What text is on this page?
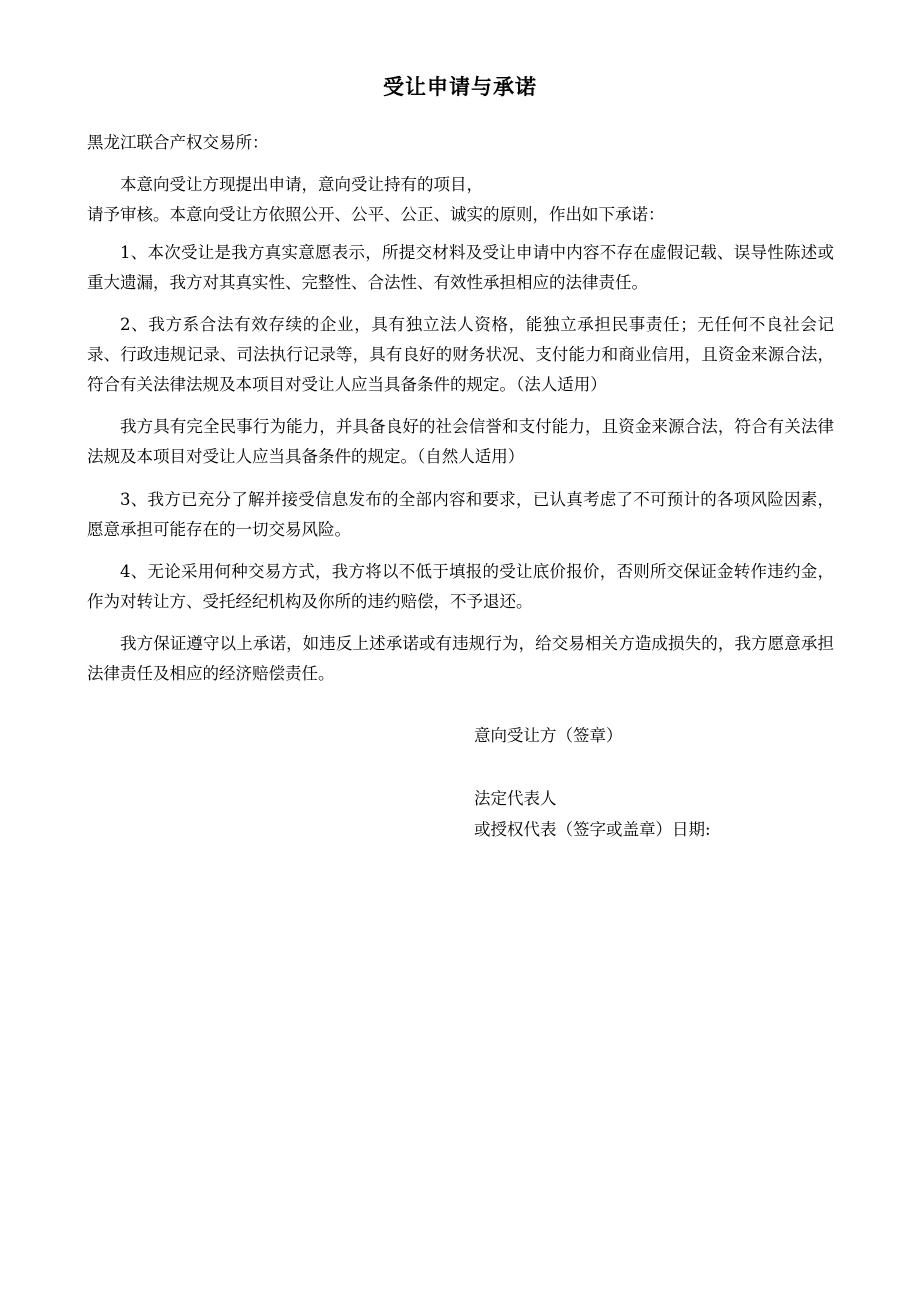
受让申请与承诺
黑龙江联合产权交易所：
本意向受让方现提出申请，意向受让持有的项目，
请予审核。本意向受让方依照公开、公平、公正、诚实的原则，作出如下承诺：
1、本次受让是我方真实意愿表示，所提交材料及受让申请中内容不存在虚假记载、误导性陈述或重大遗漏，我方对其真实性、完整性、合法性、有效性承担相应的法律责任。
2、我方系合法有效存续的企业，具有独立法人资格，能独立承担民事责任；无任何不良社会记录、行政违规记录、司法执行记录等，具有良好的财务状况、支付能力和商业信用，且资金来源合法，符合有关法律法规及本项目对受让人应当具备条件的规定。（法人适用）
我方具有完全民事行为能力，并具备良好的社会信誉和支付能力，且资金来源合法，符合有关法律法规及本项目对受让人应当具备条件的规定。（自然人适用）
3、我方已充分了解并接受信息发布的全部内容和要求，已认真考虑了不可预计的各项风险因素，愿意承担可能存在的一切交易风险。
4、无论采用何种交易方式，我方将以不低于填报的受让底价报价，否则所交保证金转作违约金，作为对转让方、受托经纪机构及你所的违约赔偿，不予退还。
我方保证遵守以上承诺，如违反上述承诺或有违规行为，给交易相关方造成损失的，我方愿意承担法律责任及相应的经济赔偿责任。
意向受让方（签章）
法定代表人
或授权代表（签字或盖章）日期:
